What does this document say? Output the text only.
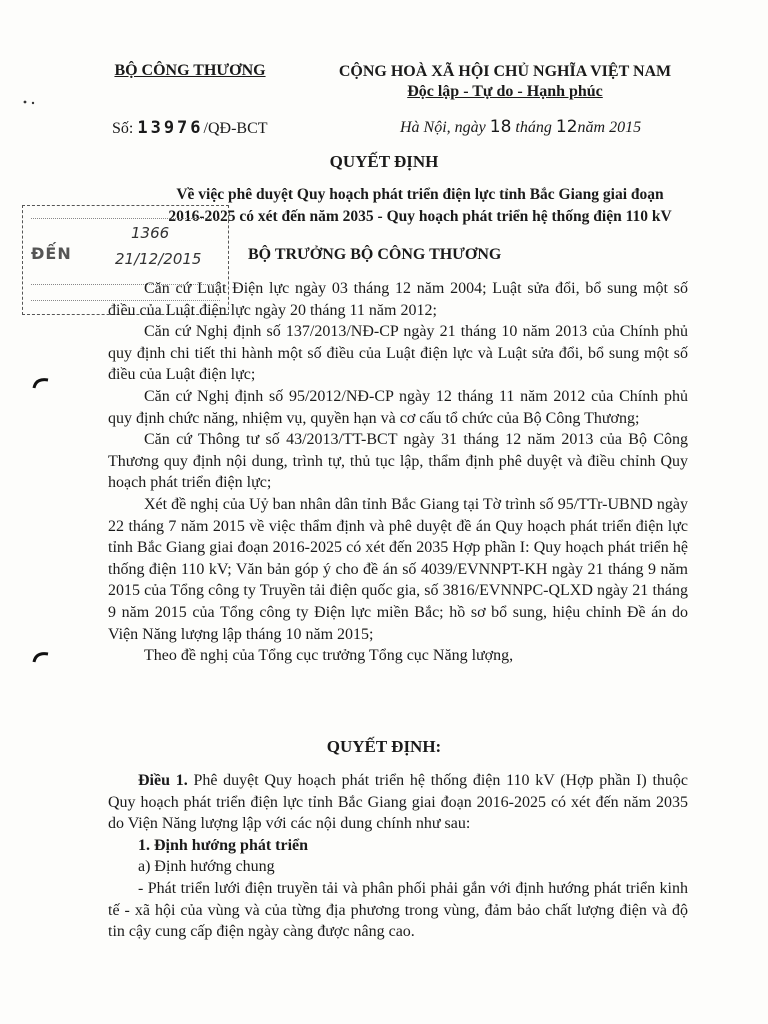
BỘ CÔNG THƯƠNG	CỘNG HOÀ XÃ HỘI CHỦ NGHĨA VIỆT NAM
Độc lập - Tự do - Hạnh phúc
Số: 13976/QĐ-BCT	Hà Nội, ngày 18 tháng 12năm 2015
QUYẾT ĐỊNH
Về việc phê duyệt Quy hoạch phát triển điện lực tỉnh Bắc Giang giai đoạn
2016-2025 có xét đến năm 2035 - Quy hoạch phát triển hệ thống điện 110 kV
ĐẾN
1366
21/12/2015	BỘ TRƯỞNG BỘ CÔNG THƯƠNG

Căn cứ Luật Điện lực ngày 03 tháng 12 năm 2004; Luật sửa đổi, bổ sung một số điều của Luật điện lực ngày 20 tháng 11 năm 2012;

Căn cứ Nghị định số 137/2013/NĐ-CP ngày 21 tháng 10 năm 2013 của Chính phủ quy định chi tiết thi hành một số điều của Luật điện lực và Luật sửa đổi, bổ sung một số điều của Luật điện lực;

Căn cứ Nghị định số 95/2012/NĐ-CP ngày 12 tháng 11 năm 2012 của Chính phủ quy định chức năng, nhiệm vụ, quyền hạn và cơ cấu tổ chức của Bộ Công Thương;

Căn cứ Thông tư số 43/2013/TT-BCT ngày 31 tháng 12 năm 2013 của Bộ Công Thương quy định nội dung, trình tự, thủ tục lập, thẩm định phê duyệt và điều chỉnh Quy hoạch phát triển điện lực;

Xét đề nghị của Uỷ ban nhân dân tỉnh Bắc Giang tại Tờ trình số 95/TTr-UBND ngày 22 tháng 7 năm 2015 về việc thẩm định và phê duyệt đề án Quy hoạch phát triển điện lực tỉnh Bắc Giang giai đoạn 2016-2025 có xét đến 2035 Hợp phần I: Quy hoạch phát triển hệ thống điện 110 kV; Văn bản góp ý cho đề án số 4039/EVNNPT-KH ngày 21 tháng 9 năm 2015 của Tổng công ty Truyền tải điện quốc gia, số 3816/EVNNPC-QLXD ngày 21 tháng 9 năm 2015 của Tổng công ty Điện lực miền Bắc; hồ sơ bổ sung, hiệu chỉnh Đề án do Viện Năng lượng lập tháng 10 năm 2015;

Theo đề nghị của Tổng cục trưởng Tổng cục Năng lượng,

QUYẾT ĐỊNH:

Điều 1. Phê duyệt Quy hoạch phát triển hệ thống điện 110 kV (Hợp phần I) thuộc Quy hoạch phát triển điện lực tỉnh Bắc Giang giai đoạn 2016-2025 có xét đến năm 2035 do Viện Năng lượng lập với các nội dung chính như sau:

1. Định hướng phát triển

a) Định hướng chung

- Phát triển lưới điện truyền tải và phân phối phải gắn với định hướng phát triển kinh tế - xã hội của vùng và của từng địa phương trong vùng, đảm bảo chất lượng điện và độ tin cậy cung cấp điện ngày càng được nâng cao.
